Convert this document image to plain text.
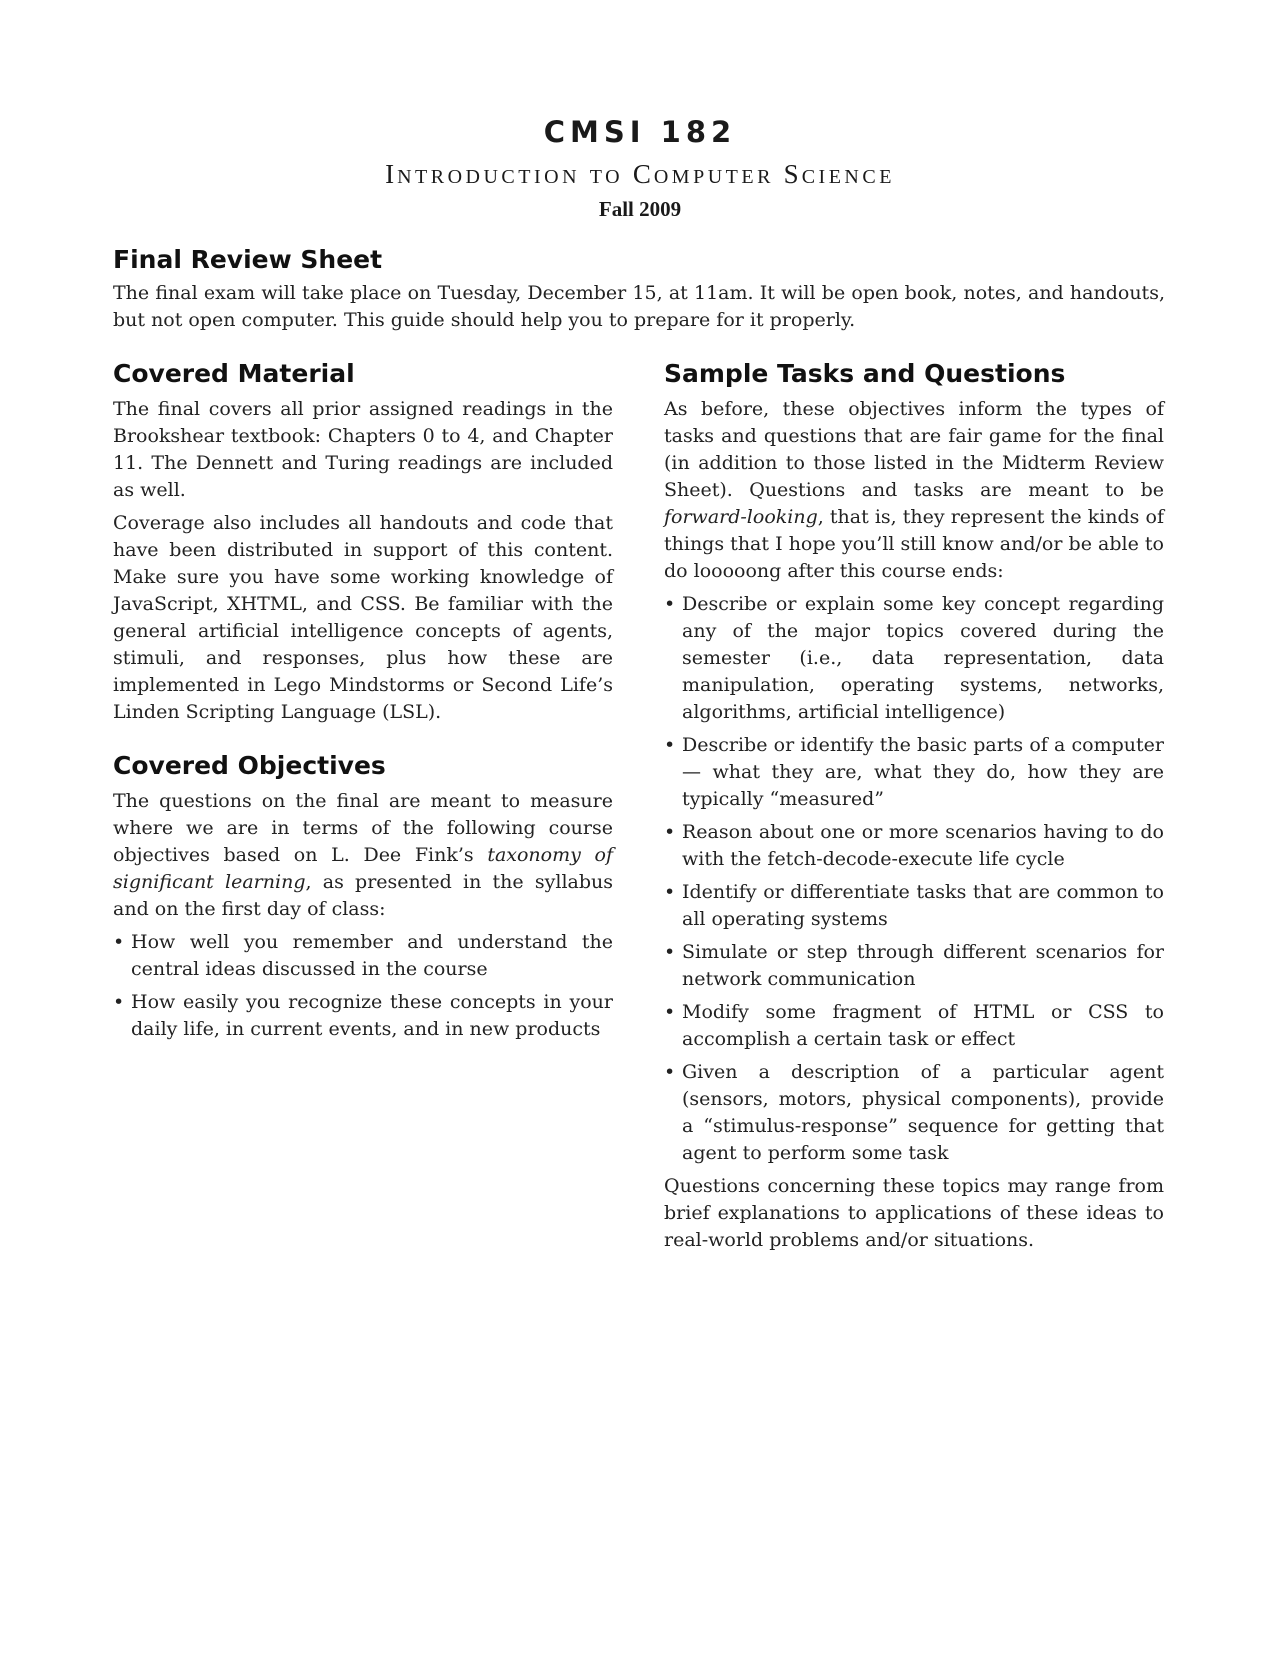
CMSI 182
INTRODUCTION TO COMPUTER SCIENCE
Fall 2009
Final Review Sheet

The final exam will take place on Tuesday, December 15, at 11am. It will be open book, notes, and handouts, but not open computer. This guide should help you to prepare for it properly.

Covered Material

The final covers all prior assigned readings in the Brookshear textbook: Chapters 0 to 4, and Chapter 11. The Dennett and Turing readings are included as well.

Coverage also includes all handouts and code that have been distributed in support of this content. Make sure you have some working knowledge of JavaScript, XHTML, and CSS. Be familiar with the general artificial intelligence concepts of agents, stimuli, and responses, plus how these are implemented in Lego Mindstorms or Second Life’s Linden Scripting Language (LSL).

Covered Objectives

The questions on the final are meant to measure where we are in terms of the following course objectives based on L. Dee Fink’s taxonomy of significant learning, as presented in the syllabus and on the first day of class:

• How well you remember and understand the central ideas discussed in the course
• How easily you recognize these concepts in your daily life, in current events, and in new products
Sample Tasks and Questions

As before, these objectives inform the types of tasks and questions that are fair game for the final (in addition to those listed in the Midterm Review Sheet). Questions and tasks are meant to be forward-looking, that is, they represent the kinds of things that I hope you’ll still know and/or be able to do looooong after this course ends:

• Describe or explain some key concept regarding any of the major topics covered during the semester (i.e., data representation, data manipulation, operating systems, networks, algorithms, artificial intelligence)
• Describe or identify the basic parts of a computer — what they are, what they do, how they are typically “measured”
• Reason about one or more scenarios having to do with the fetch-decode-execute life cycle
• Identify or differentiate tasks that are common to all operating systems
• Simulate or step through different scenarios for network communication
• Modify some fragment of HTML or CSS to accomplish a certain task or effect
• Given a description of a particular agent (sensors, motors, physical components), provide a “stimulus-response” sequence for getting that agent to perform some task

Questions concerning these topics may range from brief explanations to applications of these ideas to real-world problems and/or situations.
